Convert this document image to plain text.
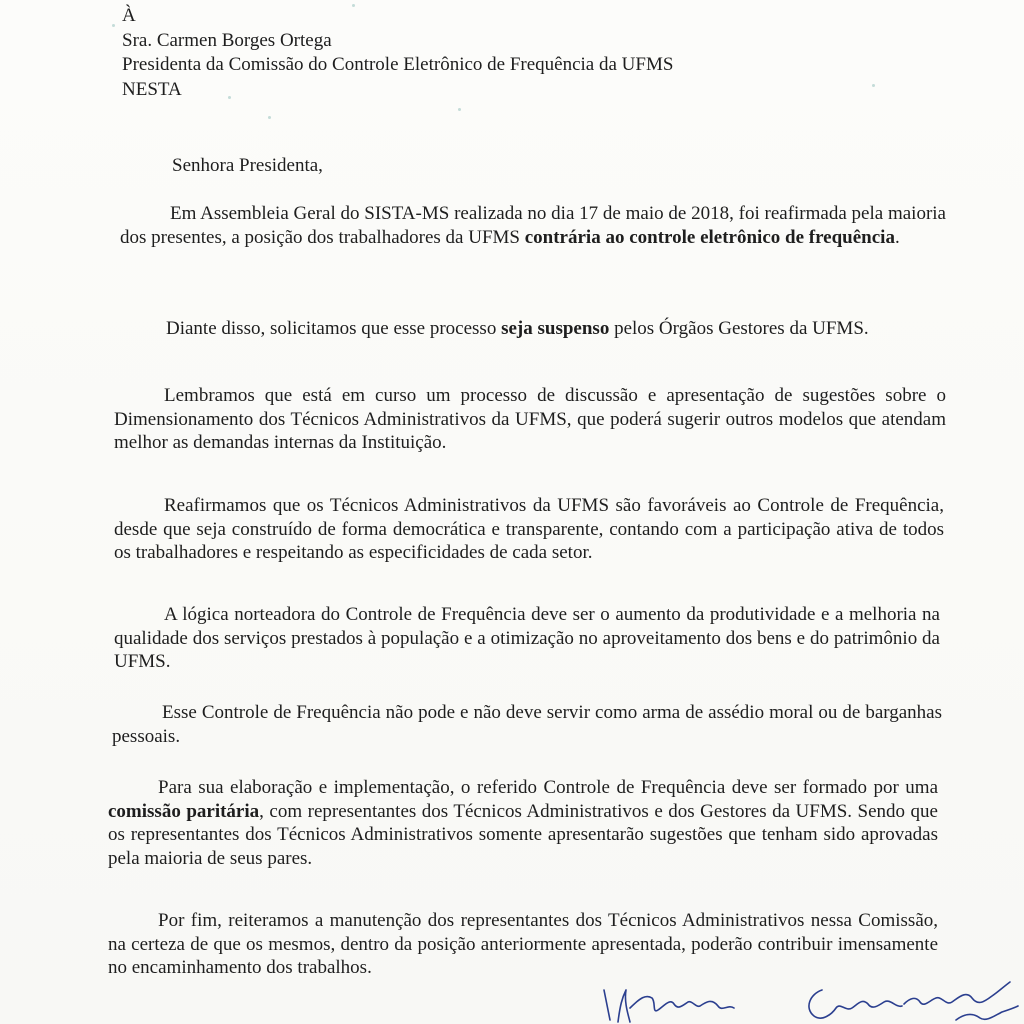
À
Sra. Carmen Borges Ortega
Presidenta da Comissão do Controle Eletrônico de Frequência da UFMS
NESTA
Senhora Presidenta,

Em Assembleia Geral do SISTA-MS realizada no dia 17 de maio de 2018, foi reafirmada pela maioria dos presentes, a posição dos trabalhadores da UFMS contrária ao controle eletrônico de frequência.

Diante disso, solicitamos que esse processo seja suspenso pelos Órgãos Gestores da UFMS.

Lembramos que está em curso um processo de discussão e apresentação de sugestões sobre o Dimensionamento dos Técnicos Administrativos da UFMS, que poderá sugerir outros modelos que atendam melhor as demandas internas da Instituição.

Reafirmamos que os Técnicos Administrativos da UFMS são favoráveis ao Controle de Frequência, desde que seja construído de forma democrática e transparente, contando com a participação ativa de todos os trabalhadores e respeitando as especificidades de cada setor.

A lógica norteadora do Controle de Frequência deve ser o aumento da produtividade e a melhoria na qualidade dos serviços prestados à população e a otimização no aproveitamento dos bens e do patrimônio da UFMS.

Esse Controle de Frequência não pode e não deve servir como arma de assédio moral ou de barganhas pessoais.

Para sua elaboração e implementação, o referido Controle de Frequência deve ser formado por uma comissão paritária, com representantes dos Técnicos Administrativos e dos Gestores da UFMS. Sendo que os representantes dos Técnicos Administrativos somente apresentarão sugestões que tenham sido aprovadas pela maioria de seus pares.

Por fim, reiteramos a manutenção dos representantes dos Técnicos Administrativos nessa Comissão, na certeza de que os mesmos, dentro da posição anteriormente apresentada, poderão contribuir imensamente no encaminhamento dos trabalhos.
